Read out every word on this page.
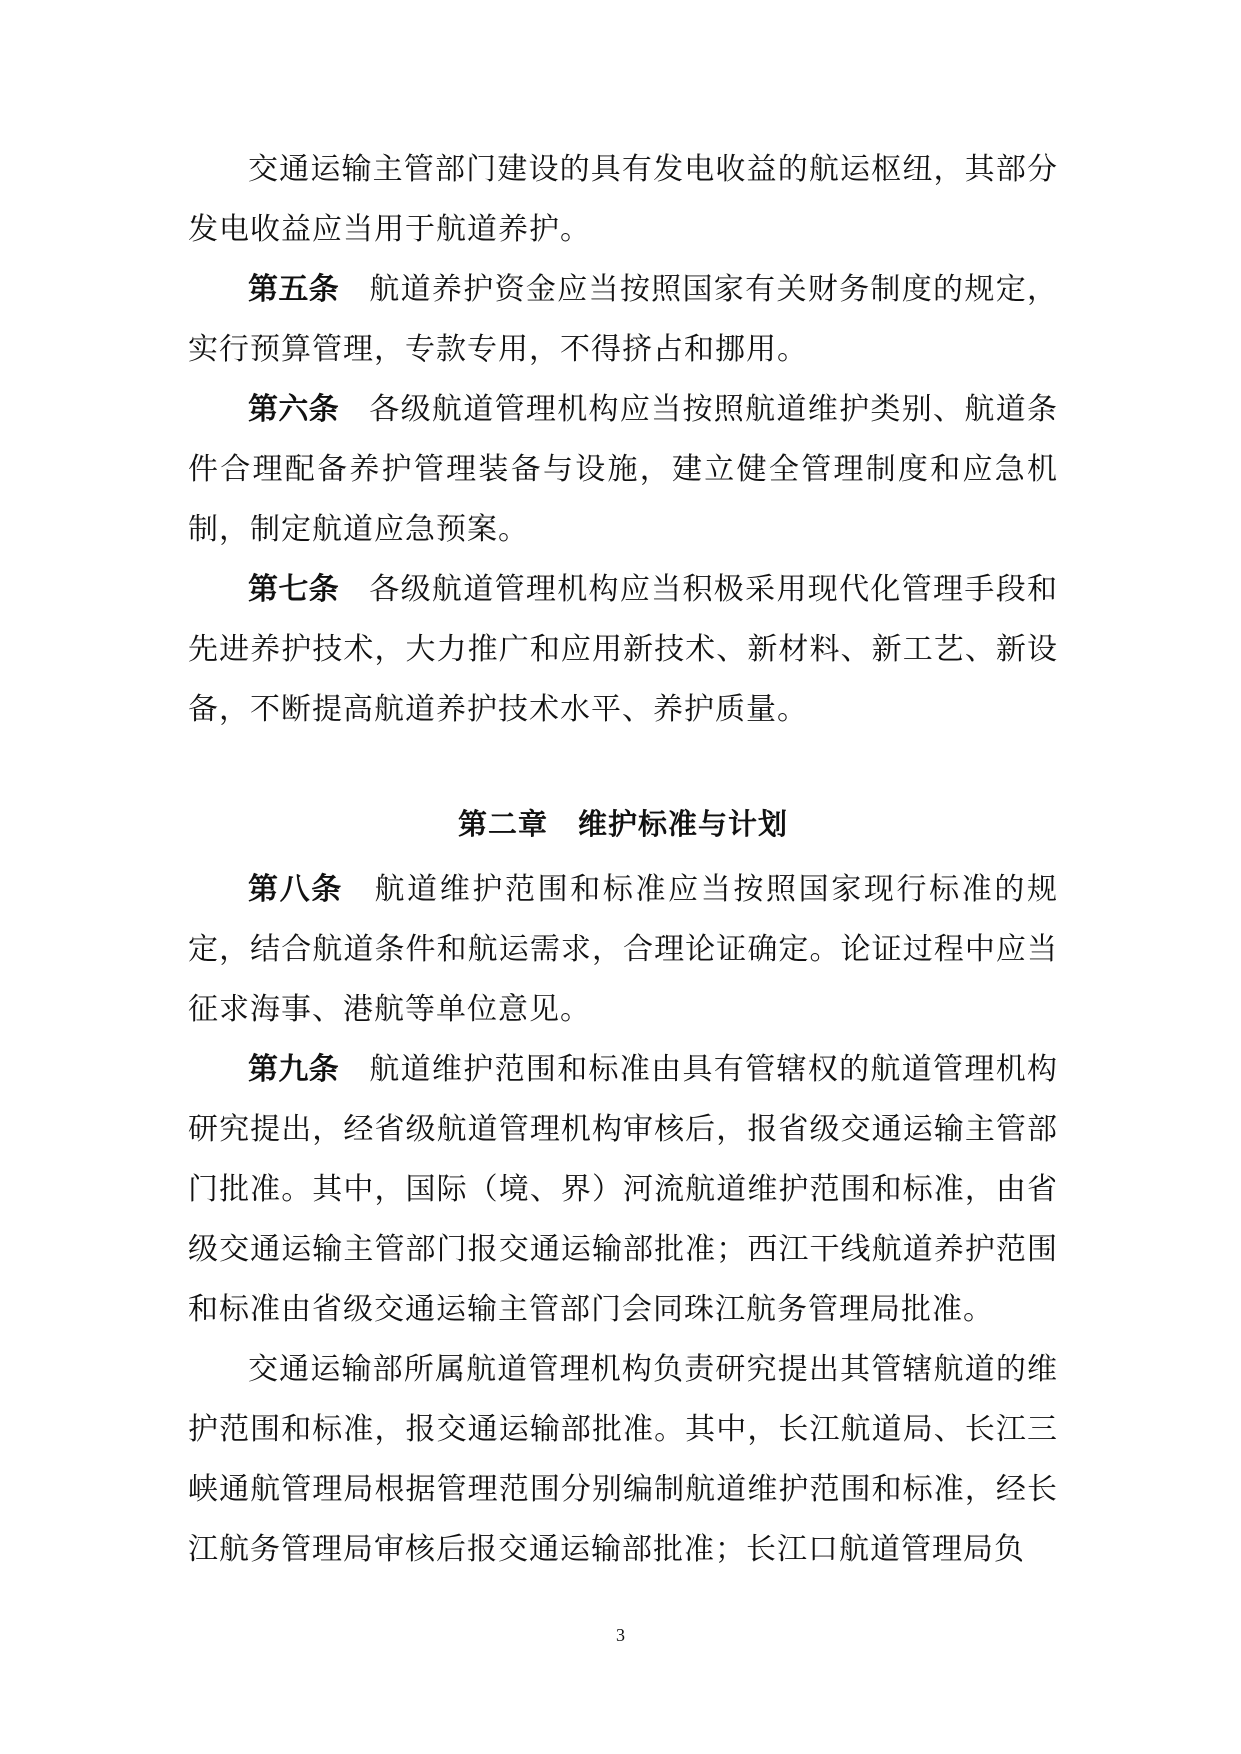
交通运输主管部门建设的具有发电收益的航运枢纽，其部分发电收益应当用于航道养护。

第五条 航道养护资金应当按照国家有关财务制度的规定，实行预算管理，专款专用，不得挤占和挪用。

第六条 各级航道管理机构应当按照航道维护类别、航道条件合理配备养护管理装备与设施，建立健全管理制度和应急机制，制定航道应急预案。

第七条 各级航道管理机构应当积极采用现代化管理手段和先进养护技术，大力推广和应用新技术、新材料、新工艺、新设备，不断提高航道养护技术水平、养护质量。

第二章 维护标准与计划

第八条 航道维护范围和标准应当按照国家现行标准的规定，结合航道条件和航运需求，合理论证确定。论证过程中应当征求海事、港航等单位意见。

第九条 航道维护范围和标准由具有管辖权的航道管理机构研究提出，经省级航道管理机构审核后，报省级交通运输主管部门批准。其中，国际（境、界）河流航道维护范围和标准，由省级交通运输主管部门报交通运输部批准；西江干线航道养护范围和标准由省级交通运输主管部门会同珠江航务管理局批准。

交通运输部所属航道管理机构负责研究提出其管辖航道的维护范围和标准，报交通运输部批准。其中，长江航道局、长江三峡通航管理局根据管理范围分别编制航道维护范围和标准，经长江航务管理局审核后报交通运输部批准；长江口航道管理局负

3
